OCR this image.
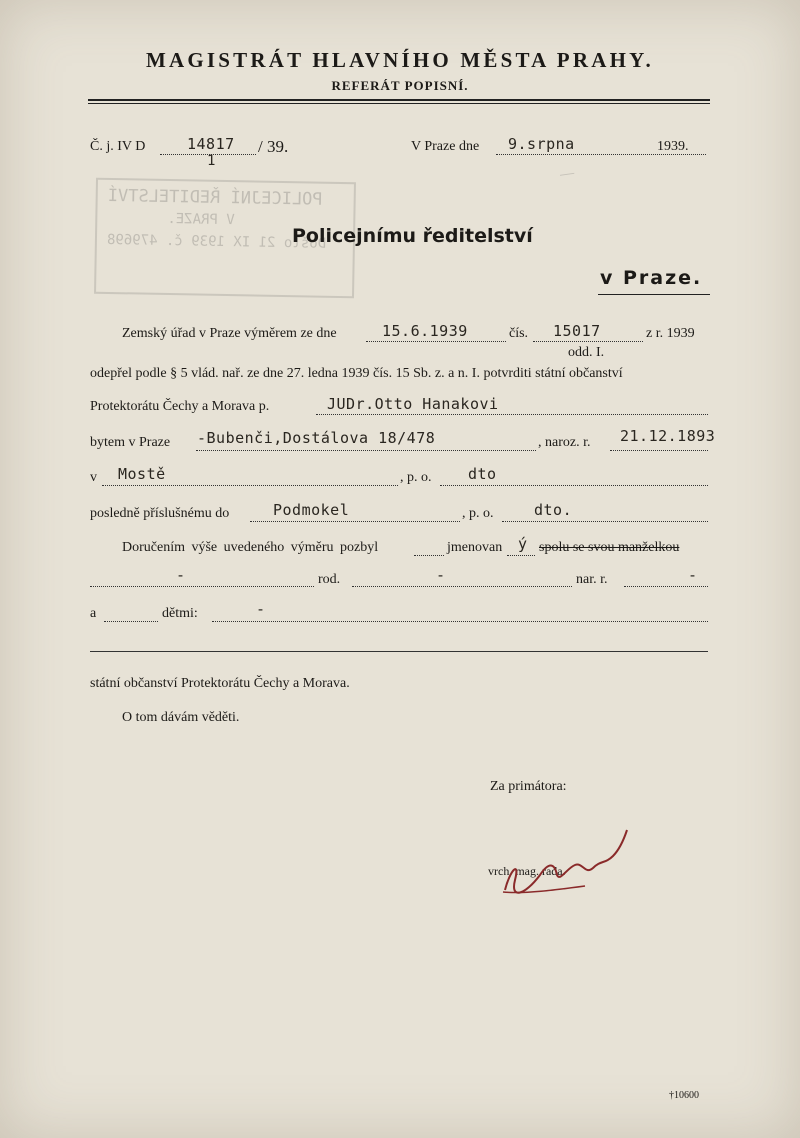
MAGISTRÁT HLAVNÍHO MĚSTA PRAHY.
REFERÁT POPISNÍ.
POLICEJNÍ ŘEDITELSTVÍ
V PRAZE.
Došlo 21 IX 1939 č. 479698
Č. j. IV D	14817 / 39.
1
V Praze dne 9.srpna	1939.
—
Policejnímu ředitelství
v Praze.
Zemský úřad v Praze výměrem ze dne	15.6.1939	čís. 15017	z r. 1939
odd. I.
odepřel podle § 5 vlád. nař. ze dne 27. ledna 1939 čís. 15 Sb. z. a n. I. potvrditi státní občanství
Protektorátu Čechy a Morava p.	JUDr.Otto Hanakovi
bytem v Praze -Bubenči,Dostálova 18/478	, naroz. r. 21.12.1893
v Mostě	, p. o. dto
posledně příslušnému do	Podmokel	, p. o.	dto.
Doručením výše uvedeného výměru pozbyl	jmenovan ý spolu se svou manželkou
-	rod.	-	nar. r.	-
a	dětmi:	-
státní občanství Protektorátu Čechy a Morava.
O tom dávám věděti.
Za primátora:
vrch. mag. rada.
†10600
